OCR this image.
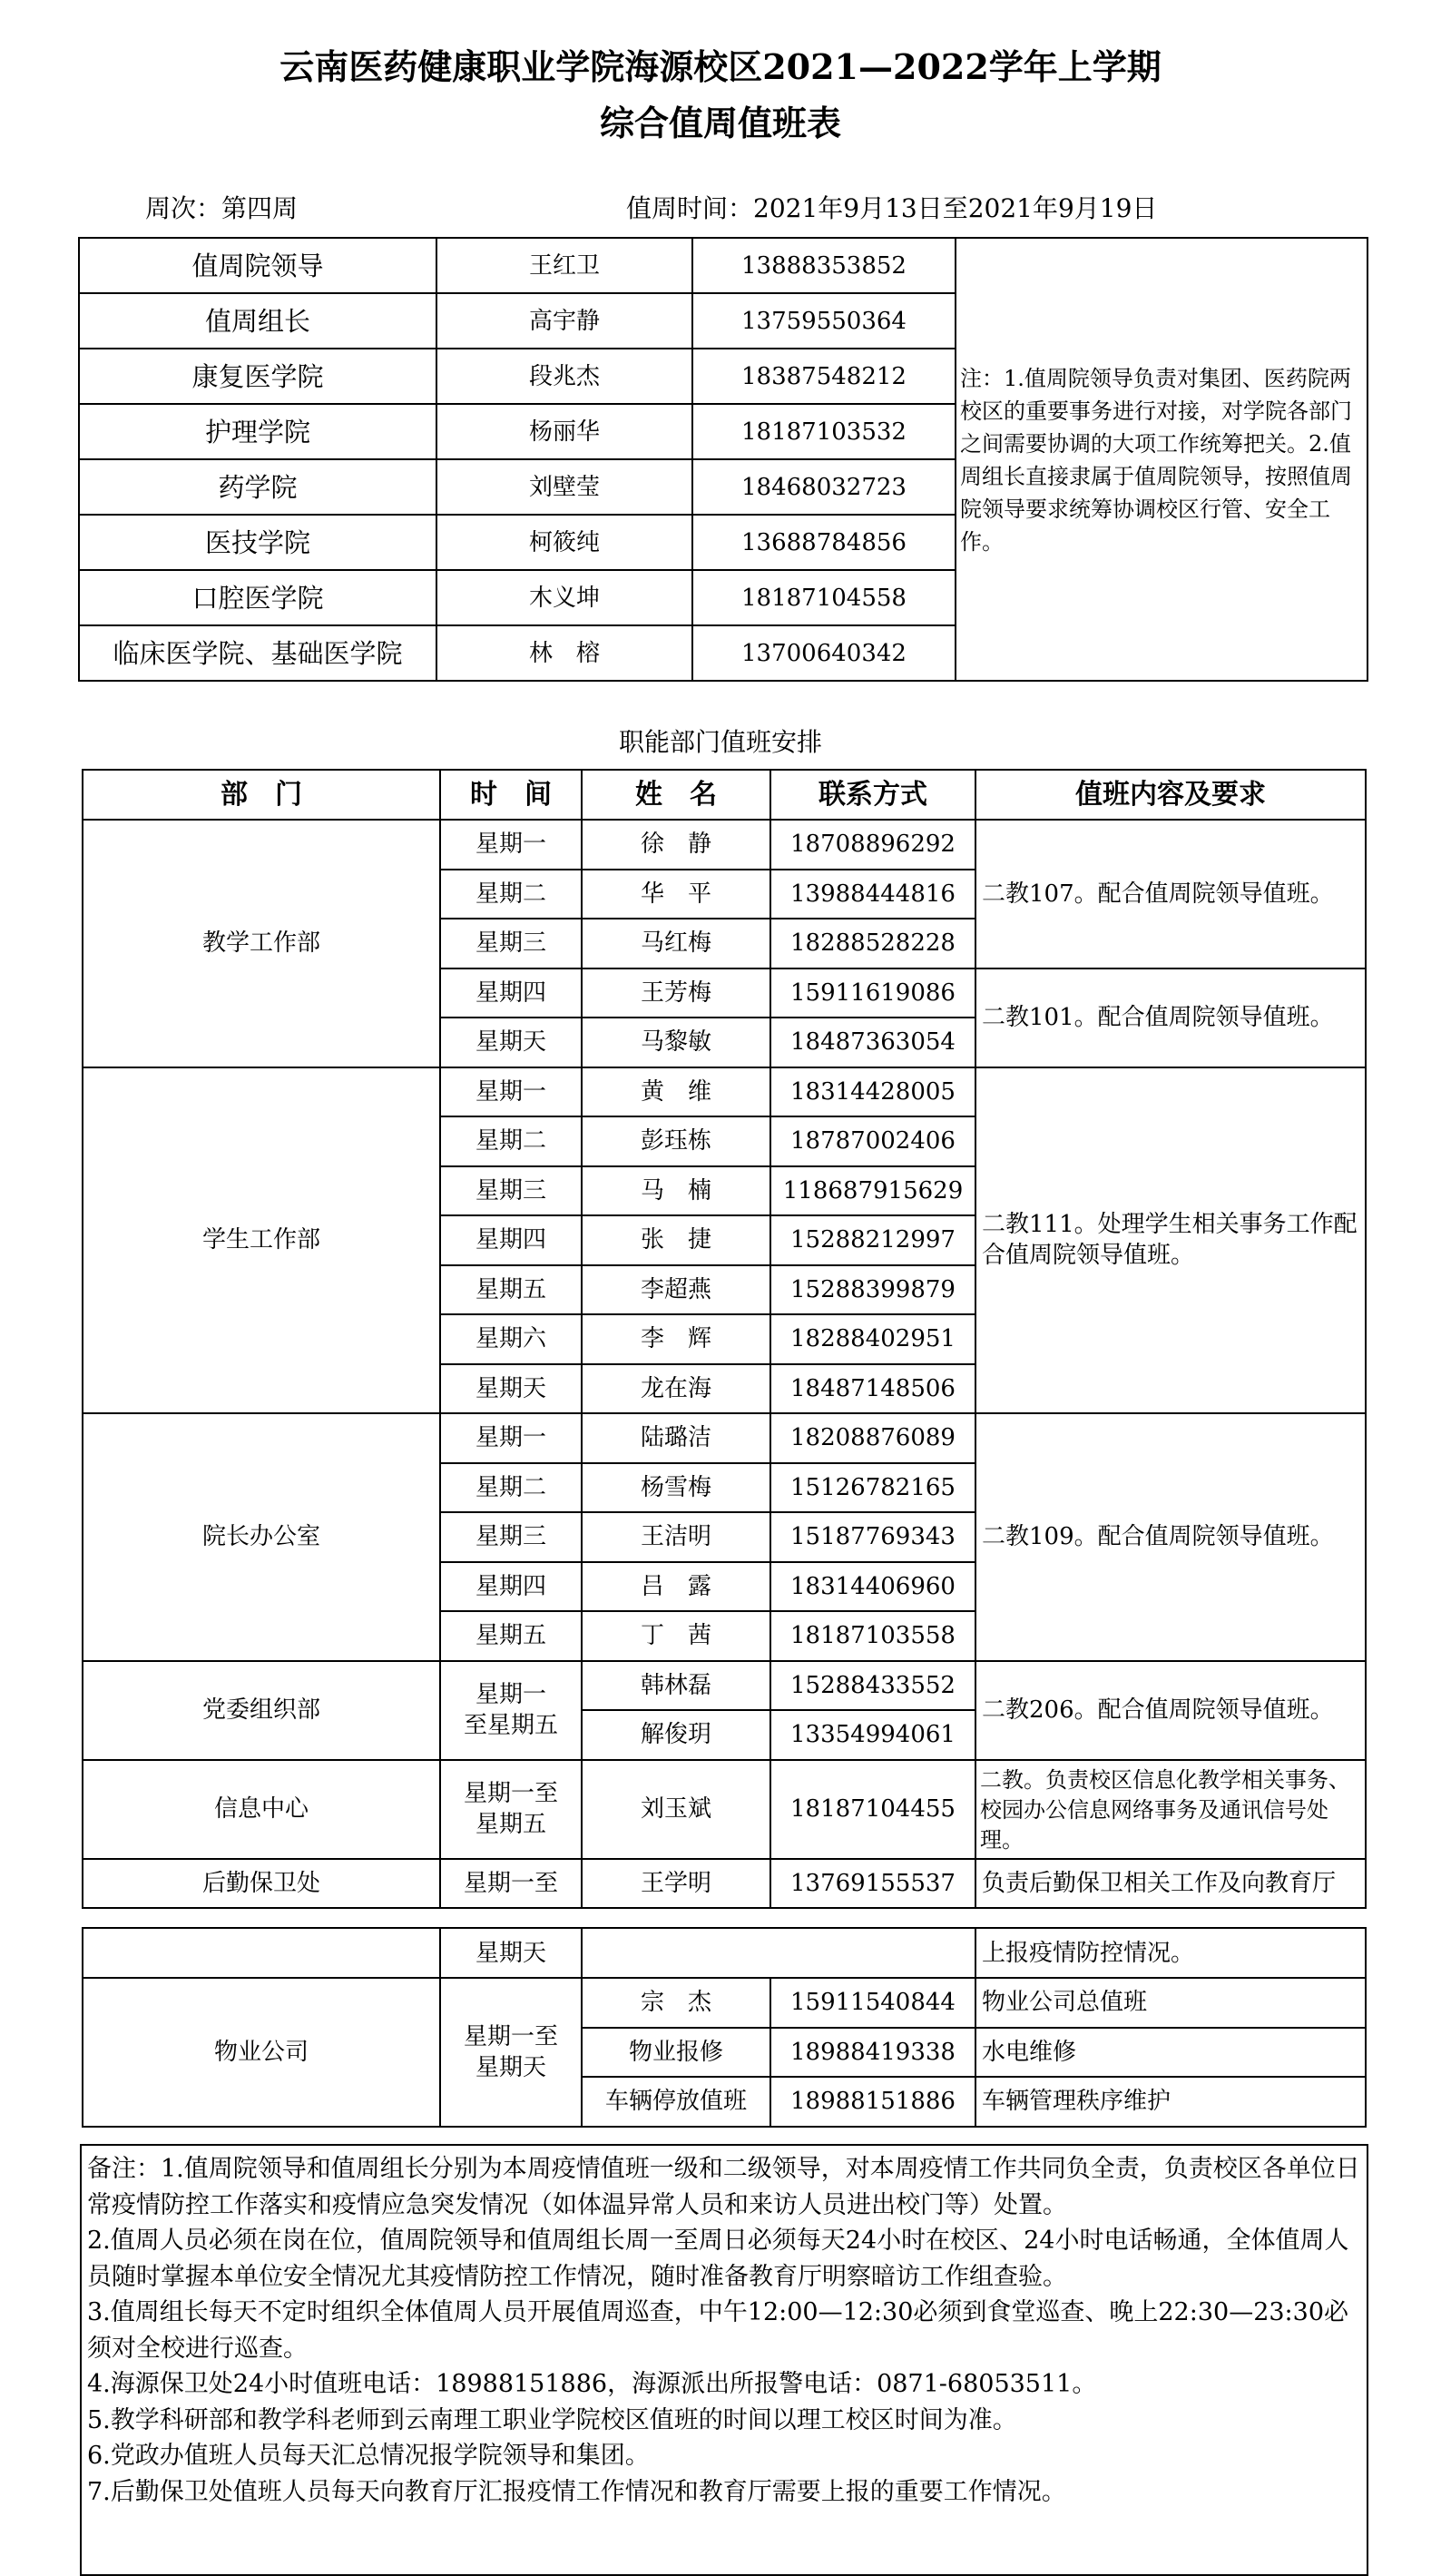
云南医药健康职业学院海源校区2021—2022学年上学期
综合值周值班表
周次：第四周	值周时间：2021年9月13日至2021年9月19日
值周院领导	王红卫	13888353852	注：1.值周院领导负责对集团、医药院两校区的重要事务进行对接，对学院各部门之间需要协调的大项工作统筹把关。2.值周组长直接隶属于值周院领导，按照值周院领导要求统筹协调校区行管、安全工作。
值周组长	高宇静	13759550364	
康复医学院	段兆杰	18387548212	
护理学院	杨丽华	18187103532	
药学院	刘壁莹	18468032723	
医技学院	柯筱纯	13688784856	
口腔医学院	木义坤	18187104558	
临床医学院、基础医学院	林　榕	13700640342	
职能部门值班安排
部　门	时　间	姓　名	联系方式	值班内容及要求
教学工作部	星期一	徐　静	18708896292	二教107。配合值周院领导值班。
	星期二	华　平	13988444816	
	星期三	马红梅	18288528228	
	星期四	王芳梅	15911619086	二教101。配合值周院领导值班。
	星期天	马黎敏	18487363054	
学生工作部	星期一	黄　维	18314428005	二教111。处理学生相关事务工作配合值周院领导值班。
	星期二	彭珏栋	18787002406	
	星期三	马　楠	118687915629	
	星期四	张　捷	15288212997	
	星期五	李超燕	15288399879	
	星期六	李　辉	18288402951	
	星期天	龙在海	18487148506	
院长办公室	星期一	陆璐洁	18208876089	二教109。配合值周院领导值班。
	星期二	杨雪梅	15126782165	
	星期三	王洁明	15187769343	
	星期四	吕　露	18314406960	
	星期五	丁　茜	18187103558	
党委组织部	星期一
至星期五	韩林磊	15288433552	二教206。配合值周院领导值班。
		解俊玥	13354994061	
信息中心	星期一至
星期五	刘玉斌	18187104455	二教。负责校区信息化教学相关事务、校园办公信息网络事务及通讯信号处理。
后勤保卫处	星期一至	王学明	13769155537	负责后勤保卫相关工作及向教育厅
	星期天			上报疫情防控情况。
物业公司	星期一至
星期天	宗　杰	15911540844	物业公司总值班
		物业报修	18988419338	水电维修
		车辆停放值班	18988151886	车辆管理秩序维护

备注：1.值周院领导和值周组长分别为本周疫情值班一级和二级领导，对本周疫情工作共同负全责，负责校区各单位日常疫情防控工作落实和疫情应急突发情况（如体温异常人员和来访人员进出校门等）处置。

2.值周人员必须在岗在位，值周院领导和值周组长周一至周日必须每天24小时在校区、24小时电话畅通，全体值周人员随时掌握本单位安全情况尤其疫情防控工作情况，随时准备教育厅明察暗访工作组查验。

3.值周组长每天不定时组织全体值周人员开展值周巡查，中午12:00—12:30必须到食堂巡查、晚上22:30—23:30必须对全校进行巡查。

4.海源保卫处24小时值班电话：18988151886，海源派出所报警电话：0871-68053511。

5.教学科研部和教学科老师到云南理工职业学院校区值班的时间以理工校区时间为准。

6.党政办值班人员每天汇总情况报学院领导和集团。

7.后勤保卫处值班人员每天向教育厅汇报疫情工作情况和教育厅需要上报的重要工作情况。
